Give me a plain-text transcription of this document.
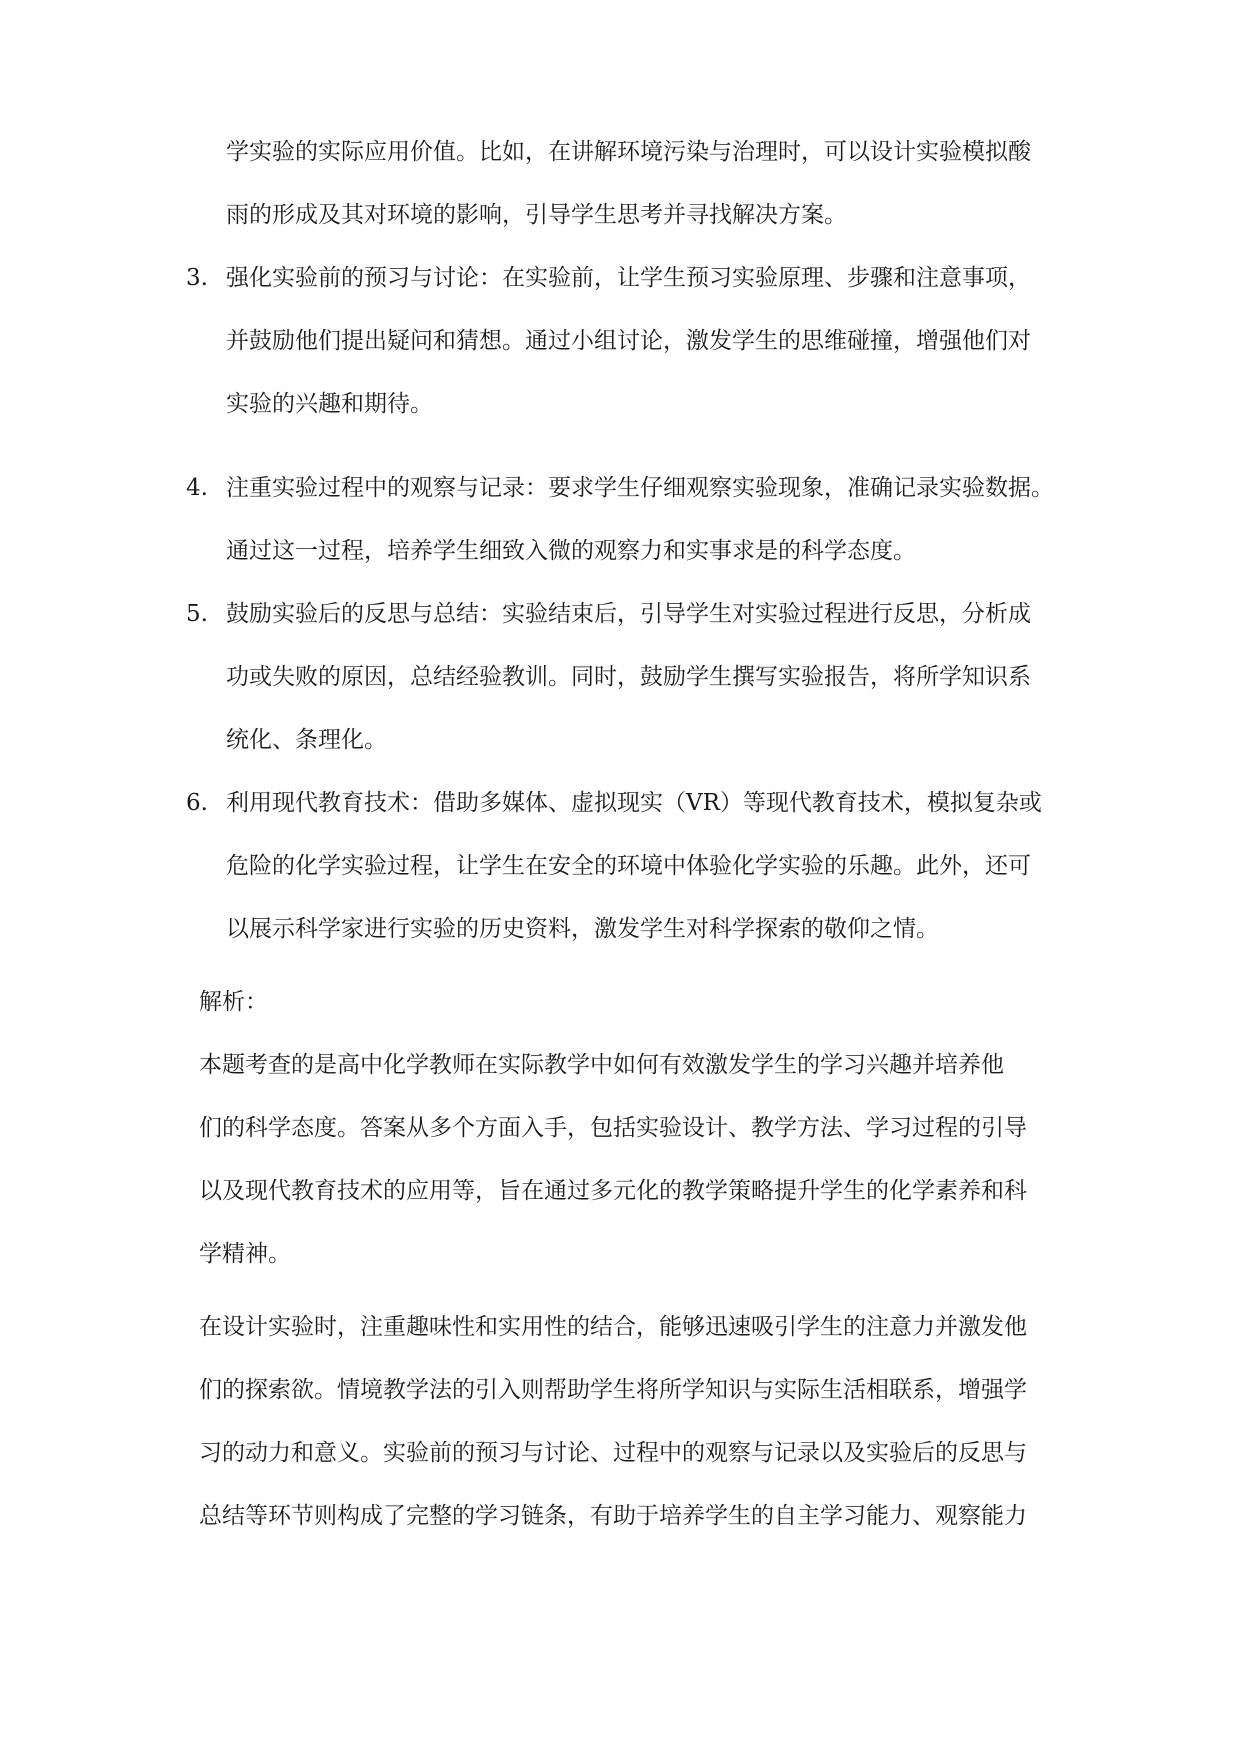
学实验的实际应用价值。比如，在讲解环境污染与治理时，可以设计实验模拟酸
雨的形成及其对环境的影响，引导学生思考并寻找解决方案。
3. 强化实验前的预习与讨论：在实验前，让学生预习实验原理、步骤和注意事项，
并鼓励他们提出疑问和猜想。通过小组讨论，激发学生的思维碰撞，增强他们对
实验的兴趣和期待。
4. 注重实验过程中的观察与记录：要求学生仔细观察实验现象，准确记录实验数据。
通过这一过程，培养学生细致入微的观察力和实事求是的科学态度。
5. 鼓励实验后的反思与总结：实验结束后，引导学生对实验过程进行反思，分析成
功或失败的原因，总结经验教训。同时，鼓励学生撰写实验报告，将所学知识系
统化、条理化。
6. 利用现代教育技术：借助多媒体、虚拟现实（VR）等现代教育技术，模拟复杂或
危险的化学实验过程，让学生在安全的环境中体验化学实验的乐趣。此外，还可
以展示科学家进行实验的历史资料，激发学生对科学探索的敬仰之情。
解析：
本题考查的是高中化学教师在实际教学中如何有效激发学生的学习兴趣并培养他
们的科学态度。答案从多个方面入手，包括实验设计、教学方法、学习过程的引导
以及现代教育技术的应用等，旨在通过多元化的教学策略提升学生的化学素养和科
学精神。
在设计实验时，注重趣味性和实用性的结合，能够迅速吸引学生的注意力并激发他
们的探索欲。情境教学法的引入则帮助学生将所学知识与实际生活相联系，增强学
习的动力和意义。实验前的预习与讨论、过程中的观察与记录以及实验后的反思与
总结等环节则构成了完整的学习链条，有助于培养学生的自主学习能力、观察能力
